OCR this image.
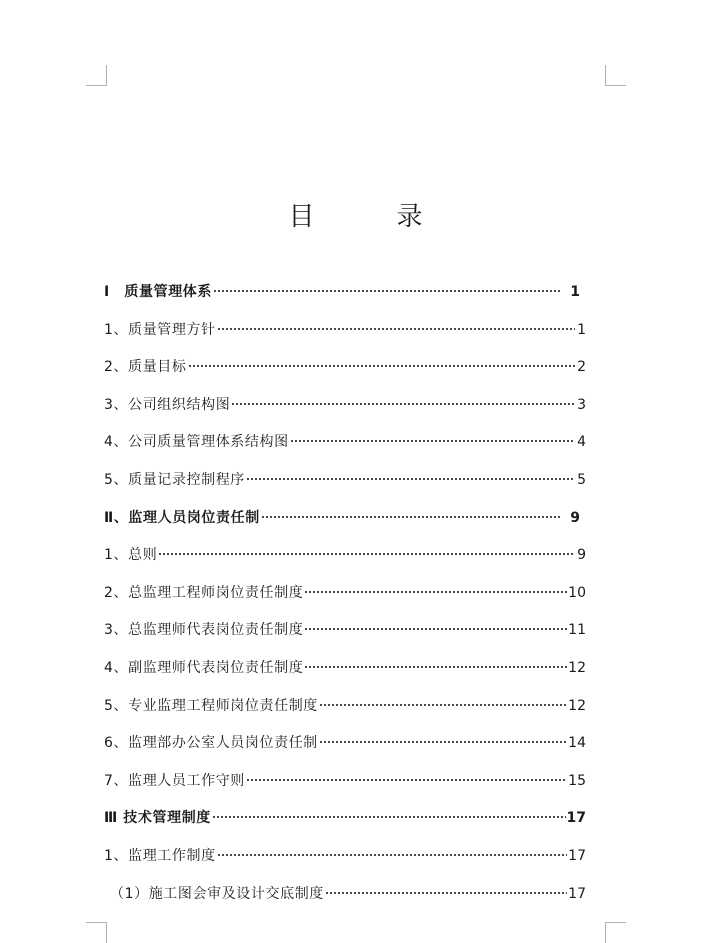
目　录
Ⅰ　质量管理体系	1
1、质量管理方针	1
2、质量目标	2
3、公司组织结构图	3
4、公司质量管理体系结构图	4
5、质量记录控制程序	5
Ⅱ、监理人员岗位责任制	9
1、总则	9
2、总监理工程师岗位责任制度	10
3、总监理师代表岗位责任制度	11
4、副监理师代表岗位责任制度	12
5、专业监理工程师岗位责任制度	12
6、监理部办公室人员岗位责任制	14
7、监理人员工作守则	15
Ⅲ 技术管理制度	17
1、监理工作制度	17
（1）施工图会审及设计交底制度	17
